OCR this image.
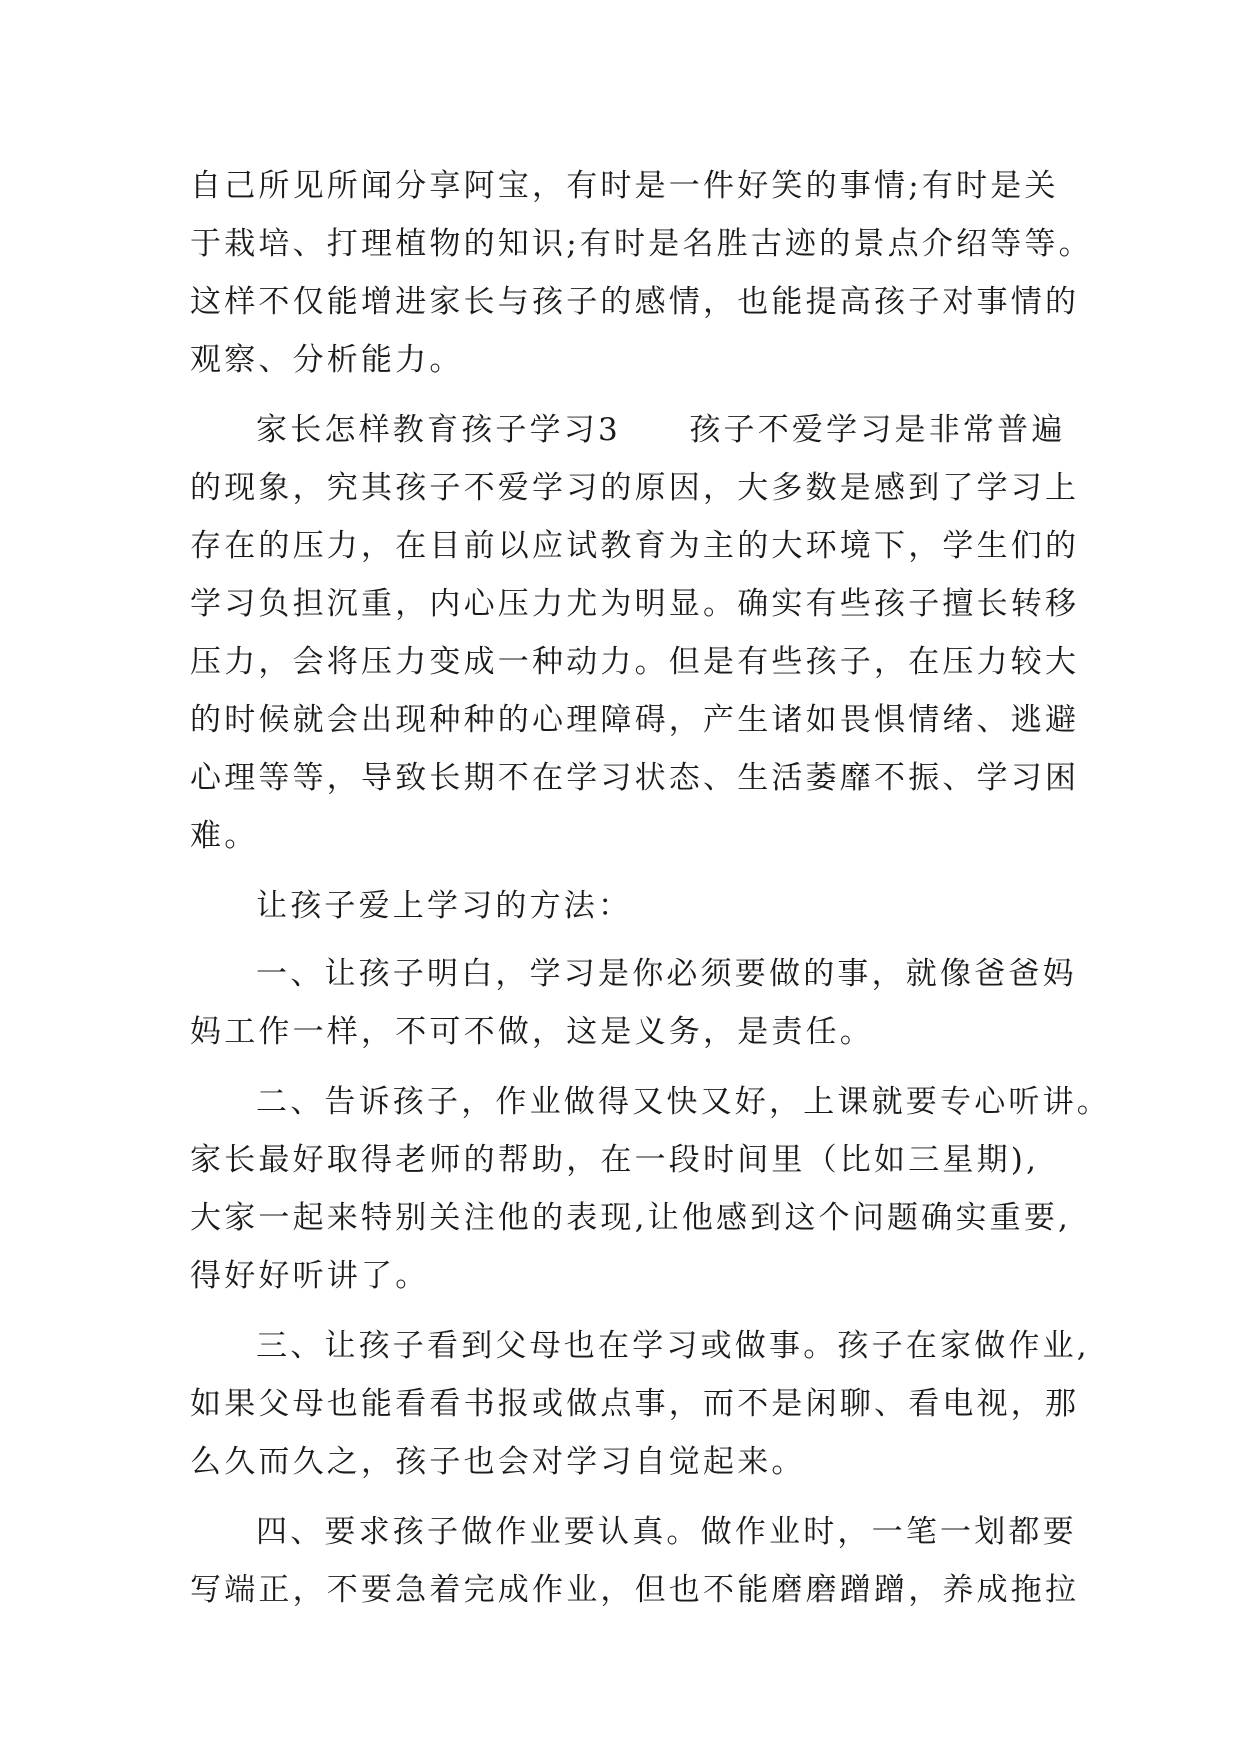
自己所见所闻分享阿宝，有时是一件好笑的事情;有时是关
于栽培、打理植物的知识;有时是名胜古迹的景点介绍等等。
这样不仅能增进家长与孩子的感情，也能提高孩子对事情的
观察、分析能力。
家长怎样教育孩子学习3　　孩子不爱学习是非常普遍
的现象，究其孩子不爱学习的原因，大多数是感到了学习上
存在的压力，在目前以应试教育为主的大环境下，学生们的
学习负担沉重，内心压力尤为明显。确实有些孩子擅长转移
压力，会将压力变成一种动力。但是有些孩子，在压力较大
的时候就会出现种种的心理障碍，产生诸如畏惧情绪、逃避
心理等等，导致长期不在学习状态、生活萎靡不振、学习困
难。
让孩子爱上学习的方法：
一、让孩子明白，学习是你必须要做的事，就像爸爸妈
妈工作一样，不可不做，这是义务，是责任。
二、告诉孩子，作业做得又快又好，上课就要专心听讲。
家长最好取得老师的帮助，在一段时间里（比如三星期),
大家一起来特别关注他的表现,让他感到这个问题确实重要,
得好好听讲了。
三、让孩子看到父母也在学习或做事。孩子在家做作业,
如果父母也能看看书报或做点事，而不是闲聊、看电视，那
么久而久之，孩子也会对学习自觉起来。
四、要求孩子做作业要认真。做作业时，一笔一划都要
写端正，不要急着完成作业，但也不能磨磨蹭蹭，养成拖拉
